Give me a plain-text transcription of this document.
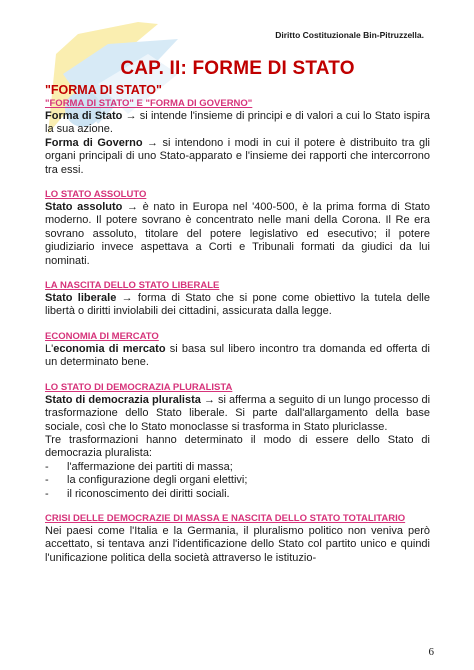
Diritto Costituzionale Bin-Pitruzzella.
CAP. II: FORME DI STATO
"FORMA DI STATO"
"FORMA DI STATO" E "FORMA DI GOVERNO"

Forma di Stato → si intende l'insieme di principi e di valori a cui lo Stato ispira la sua azione.

Forma di Governo → si intendono i modi in cui il potere è distribuito tra gli organi principali di uno Stato-apparato e l'insieme dei rapporti che intercorrono tra essi.

LO STATO ASSOLUTO

Stato assoluto → è nato in Europa nel '400-500, è la prima forma di Stato moderno. Il potere sovrano è concentrato nelle mani della Corona. Il Re era sovrano assoluto, titolare del potere legislativo ed esecutivo; il potere giudiziario invece aspettava a Corti e Tribunali formati da giudici da lui nominati.

LA NASCITA DELLO STATO LIBERALE

Stato liberale → forma di Stato che si pone come obiettivo la tutela delle libertà o diritti inviolabili dei cittadini, assicurata dalla legge.

ECONOMIA DI MERCATO

L'economia di mercato si basa sul libero incontro tra domanda ed offerta di un determinato bene.

LO STATO DI DEMOCRAZIA PLURALISTA

Stato di democrazia pluralista → si afferma a seguito di un lungo processo di trasformazione dello Stato liberale. Si parte dall'allargamento della base sociale, così che lo Stato monoclasse si trasforma in Stato pluriclasse.

Tre trasformazioni hanno determinato il modo di essere dello Stato di democrazia pluralista:

- l'affermazione dei partiti di massa;
- la configurazione degli organi elettivi;
- il riconoscimento dei diritti sociali.
CRISI DELLE DEMOCRAZIE DI MASSA E NASCITA DELLO STATO TOTALITARIO

Nei paesi come l'Italia e la Germania, il pluralismo politico non veniva però accettato, si tentava anzi l'identificazione dello Stato col partito unico e quindi l'unificazione politica della società attraverso le istituzio-

6
